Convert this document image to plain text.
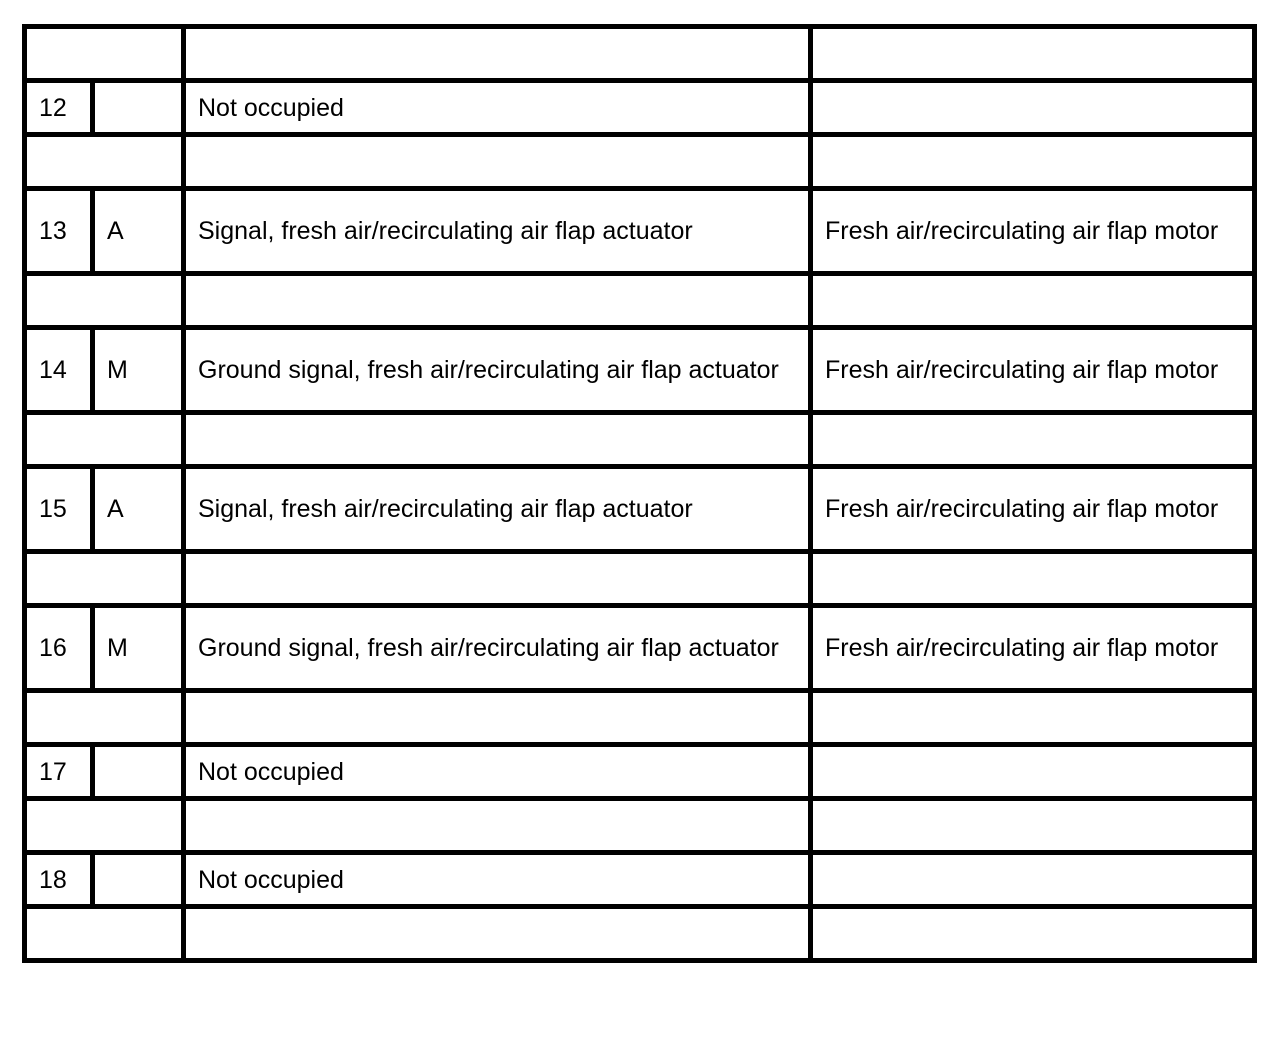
12		Not occupied	

13	A	Signal, fresh air/recirculating air flap actuator	Fresh air/recirculating air flap motor

14	M	Ground signal, fresh air/recirculating air flap actuator	Fresh air/recirculating air flap motor

15	A	Signal, fresh air/recirculating air flap actuator	Fresh air/recirculating air flap motor

16	M	Ground signal, fresh air/recirculating air flap actuator	Fresh air/recirculating air flap motor

17		Not occupied	

18		Not occupied	
